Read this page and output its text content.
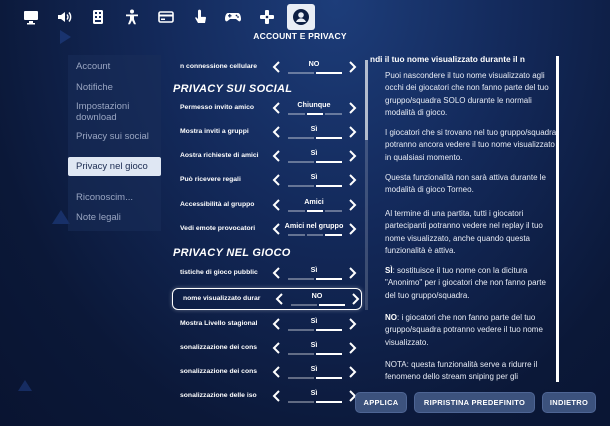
ACCOUNT E PRIVACY
Account
Notifiche
Impostazioni download
Privacy sui social
Privacy nel gioco
Riconoscim...
Note legali
n connessione cellulare	NO
PRIVACY SUI SOCIAL
Permesso invito amico	Chiunque
Mostra inviti a gruppi	Sì
Aostra richieste di amici	Sì
Può ricevere regali	Sì
Accessibilità al gruppo	Amici
Vedi emote provocatori	Amici nel gruppo
PRIVACY NEL GIOCO
tistiche di gioco pubblic	Sì
nome visualizzato durar	NO
Mostra Livello stagional	Sì
sonalizzazione dei cons	Sì
sonalizzazione dei cons	Sì
sonalizzazione delle iso	Sì
ndi il tuo nome visualizzato durante il n
Puoi nascondere il tuo nome visualizzato agli occhi dei giocatori che non fanno parte del tuo gruppo/squadra SOLO durante le normali modalità di gioco.
I giocatori che si trovano nel tuo gruppo/squadra potranno ancora vedere il tuo nome visualizzato in qualsiasi momento.
Questa funzionalità non sarà attiva durante le modalità di gioco Torneo.
Al termine di una partita, tutti i giocatori partecipanti potranno vedere nel replay il tuo nome visualizzato, anche quando questa funzionalità è attiva.
SÌ: sostituisce il tuo nome con la dicitura "Anonimo" per i giocatori che non fanno parte del tuo gruppo/squadra.
NO: i giocatori che non fanno parte del tuo gruppo/squadra potranno vedere il tuo nome visualizzato.
NOTA: questa funzionalità serve a ridurre il fenomeno dello stream sniping per gli
APPLICA	RIPRISTINA PREDEFINITO	INDIETRO
